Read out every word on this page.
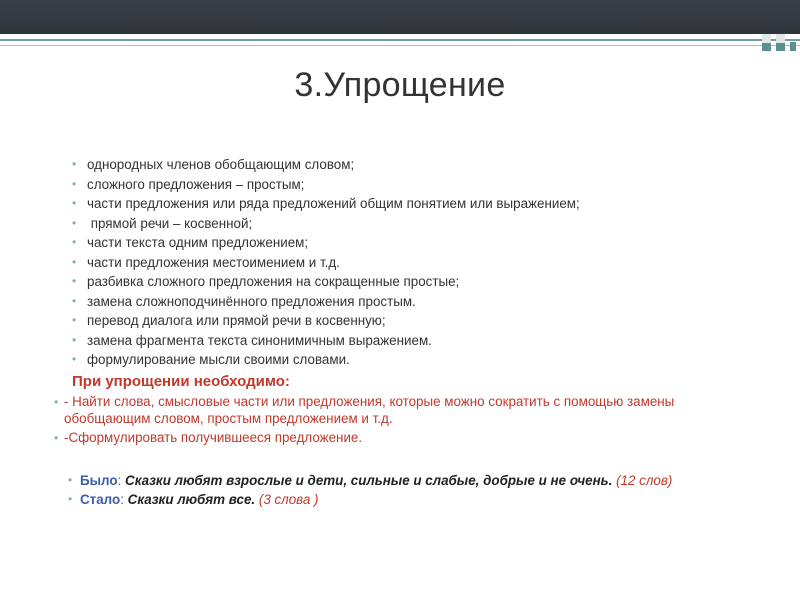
3.Упрощение
• однородных членов обобщающим словом;
• сложного предложения – простым;
• части предложения или ряда предложений общим понятием или выражением;
• прямой речи – косвенной;
• части текста одним предложением;
• части предложения местоимением и т.д.
• разбивка сложного предложения на сокращенные простые;
• замена сложноподчинённого предложения простым.
• перевод диалога или прямой речи в косвенную;
• замена фрагмента текста синонимичным выражением.
• формулирование мысли своими словами.
При упрощении необходимо:
• - Найти слова, смысловые части или предложения, которые можно сократить с помощью замены обобщающим словом, простым предложением и т.д.
• -Сформулировать получившееся предложение.
• Было: Сказки любят взрослые и дети, сильные и слабые, добрые и не очень. (12 слов)
• Стало: Сказки любят все. (3 слова )
